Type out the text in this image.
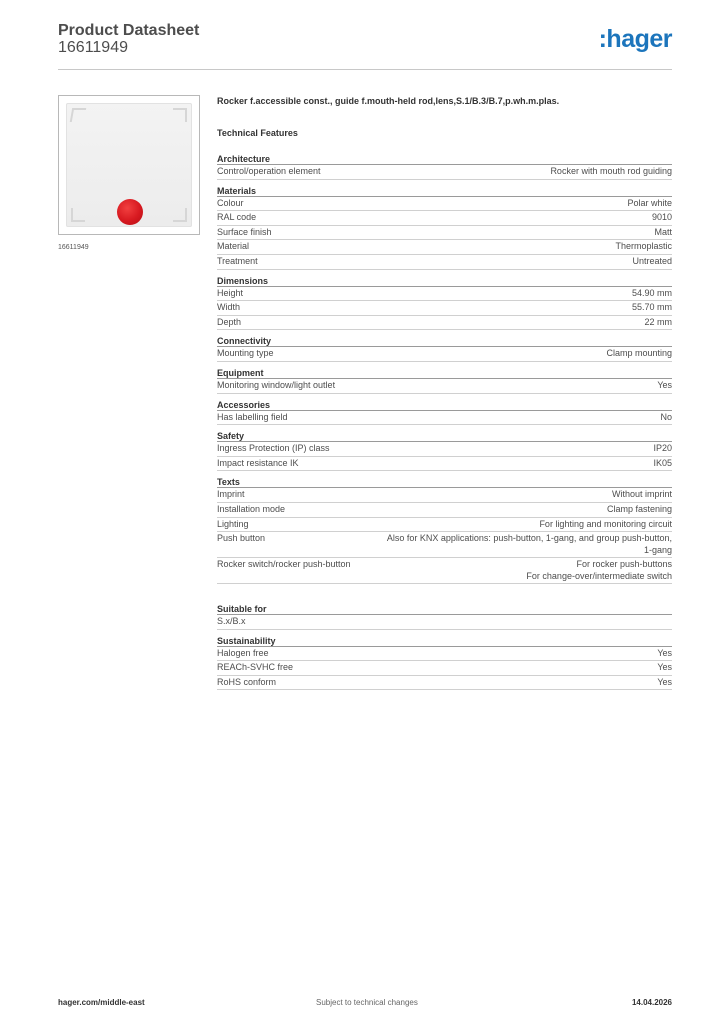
Product Datasheet
16611949	:hager
16611949
Rocker f.accessible const., guide f.mouth-held rod,lens,S.1/B.3/B.7,p.wh.m.plas.
Technical Features
Architecture
Control/operation element	Rocker with mouth rod guiding
Materials
Colour	Polar white
RAL code	9010
Surface finish	Matt
Material	Thermoplastic
Treatment	Untreated
Dimensions
Height	54.90 mm
Width	55.70 mm
Depth	22 mm
Connectivity
Mounting type	Clamp mounting
Equipment
Monitoring window/light outlet	Yes
Accessories
Has labelling field	No
Safety
Ingress Protection (IP) class	IP20
Impact resistance IK	IK05
Texts
Imprint	Without imprint
Installation mode	Clamp fastening
Lighting	For lighting and monitoring circuit
Push button	Also for KNX applications: push-button, 1-gang, and group push-button,
1-gang
Rocker switch/rocker push-button	For rocker push-buttons
For change-over/intermediate switch
Suitable for
S.x/B.x
Sustainability
Halogen free	Yes
REACh-SVHC free	Yes
RoHS conform	Yes
hager.com/middle-east	Subject to technical changes	14.04.2026
